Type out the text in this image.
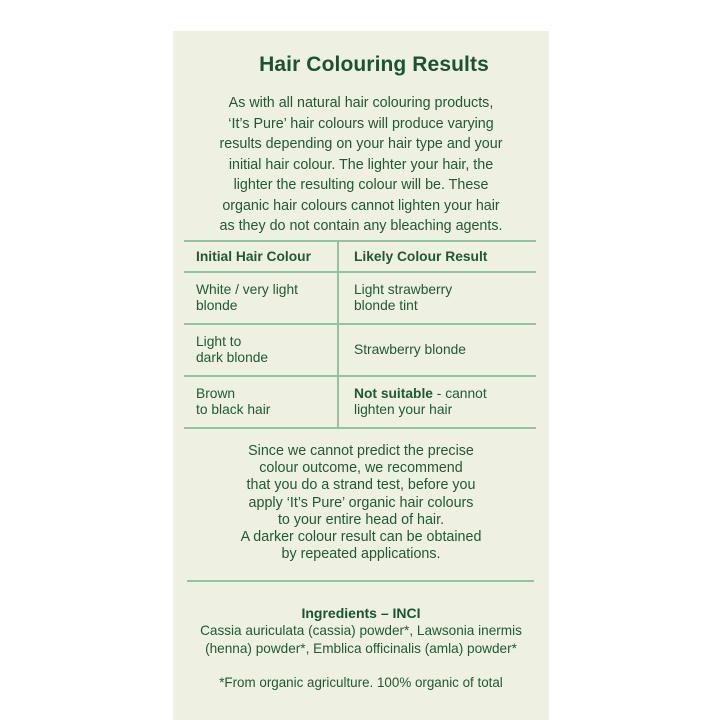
Hair Colouring Results
As with all natural hair colouring products,
‘It’s Pure’ hair colours will produce varying
results depending on your hair type and your
initial hair colour. The lighter your hair, the
lighter the resulting colour will be. These
organic hair colours cannot lighten your hair
as they do not contain any bleaching agents.
Initial Hair Colour	Likely Colour Result
White / very light
blonde
Light strawberry
blonde tint
Light to
dark blonde
Strawberry blonde
Brown
to black hair
Not suitable - cannot
lighten your hair
Since we cannot predict the precise
colour outcome, we recommend
that you do a strand test, before you
apply ‘It’s Pure’ organic hair colours
to your entire head of hair.
A darker colour result can be obtained
by repeated applications.
Ingredients – INCI
Cassia auriculata (cassia) powder*, Lawsonia inermis
(henna) powder*, Emblica officinalis (amla) powder*
*From organic agriculture. 100% organic of total
